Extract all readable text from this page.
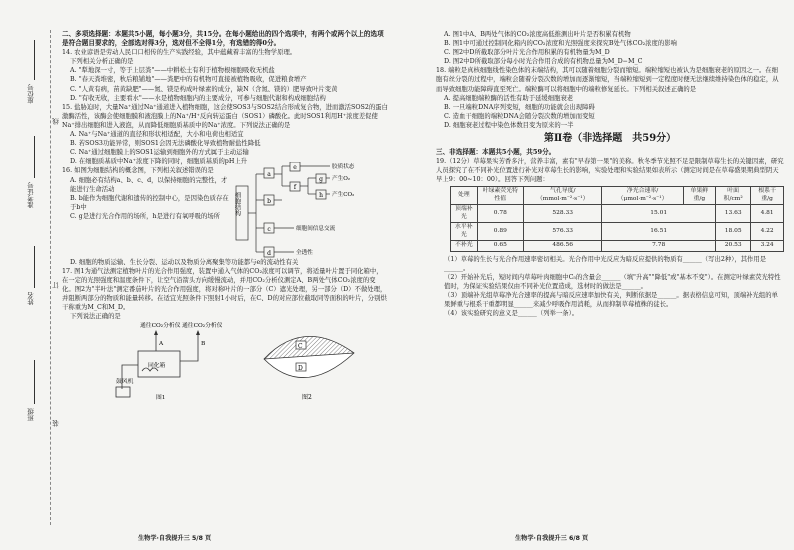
班级
姓名
准考证号
座位号
线
订
装

二、多项选择题：本题共5小题，每小题3分，共15分。在每小题给出的四个选项中，有两个或两个以上的选项是符合题目要求的，全部选对得3分，选对但不全得1分，有选错的得0分。

14. 农业谚语是劳动人民口口相传的生产实践经验，其中蕴藏着丰富的生物学原理。

下列相关分析正确的是

A. "犁地深一寸，等于上层粪"——中耕松土有利于植物根细胞吸收无机盐

B. "春天粪堆密，秋后粮铺地"——粪肥中的有机物可直接被植物吸收，促进粮食增产

C. "人黄有病，苗黄缺肥"——氮、镁是构成叶绿素的成分，缺N（含氮、镁的）肥导致叶片变黄

D. "有收无收，主要看水"——水是植物细胞内的主要成分，可参与细胞代谢和构成细胞结构

15. 盐胁迫时，大量Na⁺通过Na⁺通道进入植物细胞，这会使SOS3与SOS2结合形成复合物，进而激活SOS2的蛋白激酶活性，该酶会使细胞膜和液泡膜上的Na⁺/H⁺反向转运蛋白（SOS1）磷酸化。此时SOS1利用H⁺浓度差促使Na⁺排出细胞和进入液泡，从而降低细胞质基质中的Na⁺浓度。下列说法正确的是

A. Na⁺与Na⁺通道的直径和形状相适配，大小和电荷也相适宜

B. 若SOS3功能异常，则SOS1会因无法磷酸化导致植物耐盐性降低

C. Na⁺通过细胞膜上的SOS1运输到细胞外的方式属于主动运输

D. 在细胞质基质中Na⁺浓度下降的同时，细胞质基质的pH上升

16. 如图为细胞结构的概念图，下列相关叙述错误的是

A. 细胞必有结构a、b、c、d，以保持细胞的完整性，才能进行生命活动

B. b能作为细胞代谢和遗传的控制中心，是因染色质存在于b中

C. g是进行光合作用的场所，h是进行有氧呼吸的场所

细胞结构
a
b
c
d
e
f
g
h
胶质状态
产生O₂
产生CO₂
细胞间信息交流
全透性

D. 细胞的物质运输、生长分裂、运动以及物质分离聚集等功能都与e的流动性有关

17. 图1为通气法测定植物叶片的光合作用强度，装置中通入气体的CO₂浓度可以调节，将适量叶片置于同化箱中，在一定的光照强度和温度条件下，让空气沿箭头方向缓慢流动，并用CO₂分析仪测定A、B两处气体CO₂浓度的变化。图2为"半叶法"测定番茄叶片的光合作用强度，将对称叶片的一部分（C）遮光处理，另一部分（D）不做处理，并阻断两部分的物质和能量转移。在适宜光照条件下照射1小时后，在C、D的对应部位截取同等面积的叶片，分别烘干称重为M_C和M_D。

下列说法正确的是

通往CO₂分析仪 通往CO₂分析仪
A	B
同化箱
鼓风机
图1
C
D
图2
生物学·自我提升三 5/8 页

A. 图1中A、B两处气体的CO₂浓度高低推测出叶片是否积累有机物

B. 图1中可通过控制同化箱内的CO₂浓度和光照强度来探究B处气体CO₂浓度的影响

C. 图2中D所截取部分叶片光合作用积累的有机物量为M_D

D. 图2中D所截取部分每小时光合作用合成的有机物总量为M_D−M_C

18. 端粒是真核细胞线性染色体的末端结构，其可以随着细胞分裂而缩短。端粒缩短也被认为是细胞衰老的原因之一。在细胞有丝分裂的过程中，端粒会随着分裂次数的增加而逐渐缩短，当端粒缩短到一定程度时便无法继续维持染色体的稳定，从而导致细胞功能障碍直至死亡。端粒酶可以将细胞中的端粒修复延长。下列相关叙述正确的是

A. 提高细胞端粒酶的活性有助于延缓细胞衰老

B. 一旦端粒DNA序列变短，细胞的功能就会出现障碍

C. 造血干细胞的端粒DNA会随分裂次数的增加而变短

D. 细胞衰老过程中染色体数目变为原来的一半

第Ⅱ卷（非选择题　共59分）

三、非选择题：本题共5小题，共59分。

19.（12分）草莓果实芳香多汁，营养丰富，素有"早春第一果"的美称。秋冬季节光照不足是限制草莓生长的关键因素，研究人员探究了在不同补光位置进行补光对草莓生长的影响，实验处理和实验结果如表所示（测定时间是在草莓盛果期典型阴天早上9：00~10：00）。回答下列问题：

处理	叶绿素荧光特性值	气孔导度/（mmol·m⁻²·s⁻¹）	净光合速率/（μmol·m⁻²·s⁻¹）	单果鲜重/g	叶面积/cm²	根系干重/g
顶端补光	0.78	528.33	15.01		13.63	4.81
水平补光	0.89	576.33	16.51		18.05	4.22
不补光	0.65	486.56	7.78		20.53	3.24

（1）草莓的生长与光合作用速率密切相关。光合作用中光反应为暗反应提供的物质有______（写出2种），其作用是______。

（2）开始补光后，短时间内草莓叶肉细胞中C₅的含量会______（填"升高""降低"或"基本不变"）。在测定叶绿素荧光特性值时，为保证实验结果仅由不同补光位置造成，选材时的做法是______。

（3）顶端补光组草莓净光合速率的提高与暗反应速率加快有关，判断依据是______。据表格信息可知，顶端补光组的单果鲜重与根系干重都明显______来减少呼吸作用消耗，从而抑制草莓植株的徒长。

（4）该实验研究的意义是______（列举一条）。

生物学·自我提升三 6/8 页
